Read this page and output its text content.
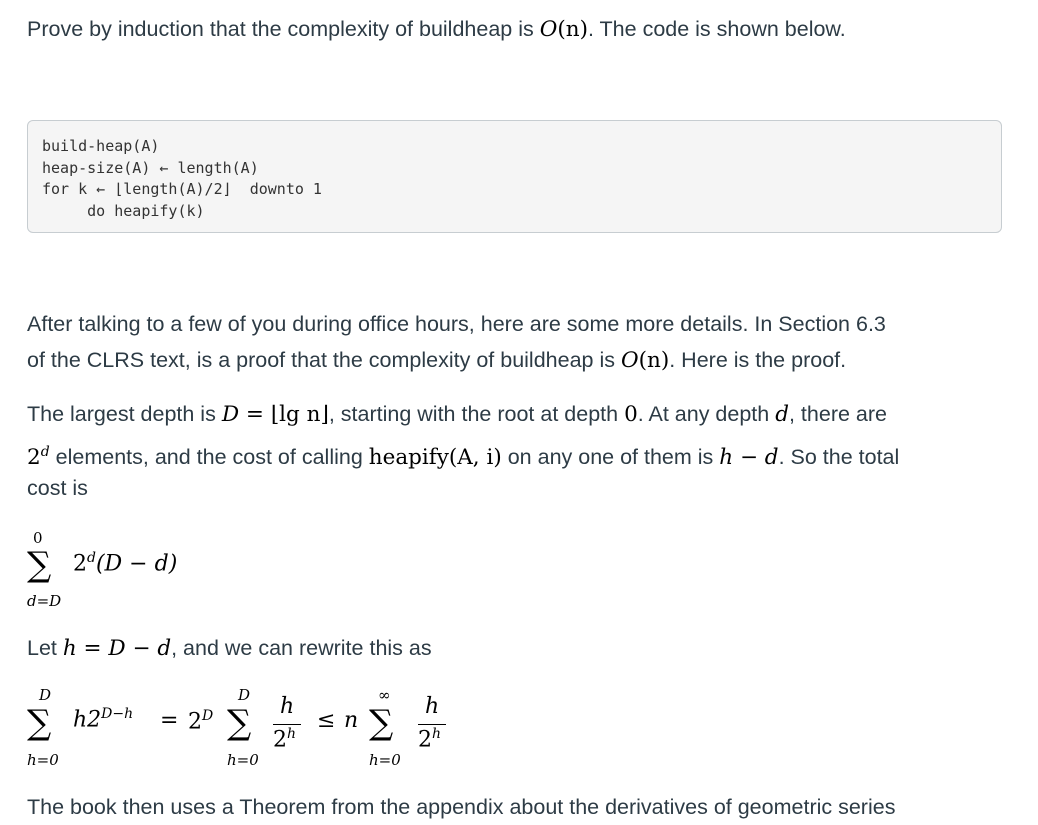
Prove by induction that the complexity of buildheap is O(n). The code is shown below.
build-heap(A)
heap-size(A) ← length(A)
for k ← ⌊length(A)/2⌋  downto 1
do heapify(k)
After talking to a few of you during office hours, here are some more details. In Section 6.3
of the CLRS text, is a proof that the complexity of buildheap is O(n). Here is the proof.
The largest depth is D = ⌊lg n⌋, starting with the root at depth 0. At any depth d, there are
2$^d$ elements, and the cost of calling heapify(A, i) on any one of them is h − d. So the total
cost is
0
∑
d=D
$2^d(D - d)$
Let h = D − d, and we can rewrite this as
D
∑
h=0
$h2^{D-h} = 2^D$
D
∑
h=0
h
$2^h$
≤ n
∞
∑
h=0
h
2$^h$
The book then uses a Theorem from the appendix about the derivatives of geometric series
